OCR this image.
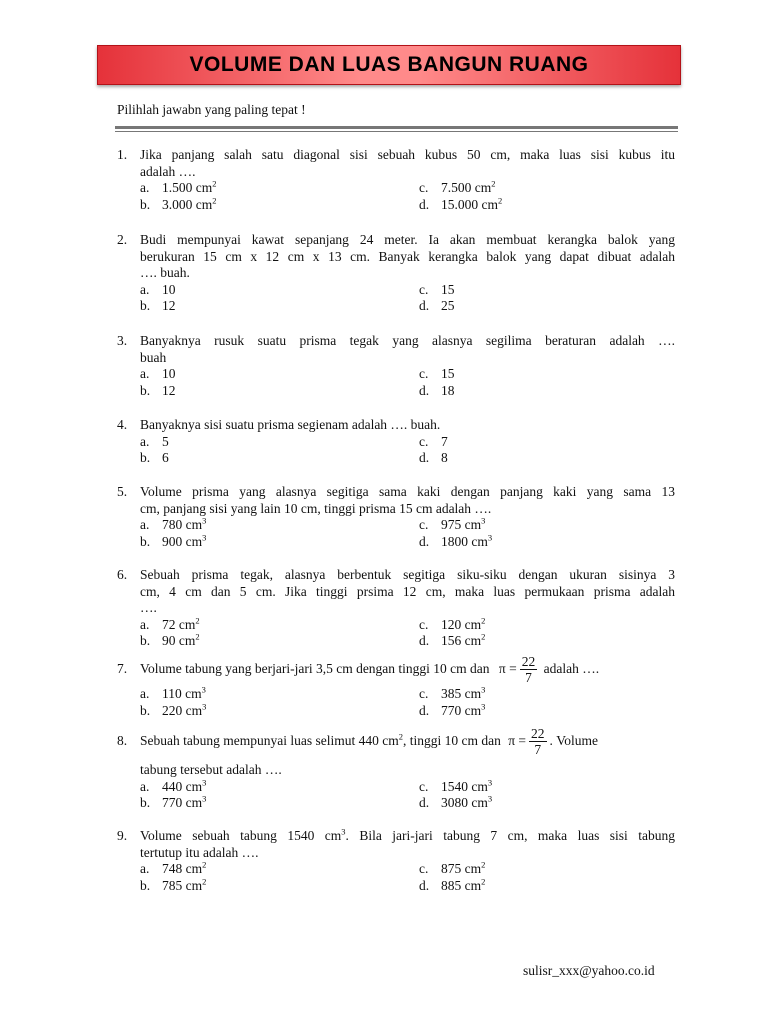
VOLUME DAN LUAS BANGUN RUANG
Pilihlah jawabn yang paling tepat !
1. Jika panjang salah satu diagonal sisi sebuah kubus 50 cm, maka luas sisi kubus itu
adalah ….
a. 1.500 $cm^2$	c. 7.500 $cm^2$
b. 3.000 $cm^2$	d. 15.000 $cm^2$
2. Budi mempunyai kawat sepanjang 24 meter. Ia akan membuat kerangka balok yang
berukuran 15 cm x 12 cm x 13 cm. Banyak kerangka balok yang dapat dibuat adalah
…. buah.
a. 10	c. 15
b. 12	d. 25
3. Banyaknya rusuk suatu prisma tegak yang alasnya segilima beraturan adalah ….
buah
a. 10	c. 15
b. 12	d. 18
4. Banyaknya sisi suatu prisma segienam adalah …. buah.
a. 5	c. 7
b. 6	d. 8
5. Volume prisma yang alasnya segitiga sama kaki dengan panjang kaki yang sama 13
cm, panjang sisi yang lain 10 cm, tinggi prisma 15 cm adalah ….
a. 780 $cm^3$	c. 975 $cm^3$
b. 900 $cm^3$	d. 1800 $cm^3$
6. Sebuah prisma tegak, alasnya berbentuk segitiga siku-siku dengan ukuran sisinya 3
cm, 4 cm dan 5 cm. Jika tinggi prsima 12 cm, maka luas permukaan prisma adalah
….
a. 72 $cm^2$	c. 120 $cm^2$
b. 90 $cm^2$	d. 156 $cm^2$
7. Volume tabung yang berjari-jari 3,5 cm dengan tinggi 10 cm dan $\pi = \frac{22}{7}$ adalah ….
a. 110 $cm^3$	c. 385 $cm^3$
b. 220 $cm^3$	d. 770 $cm^3$
8. Sebuah tabung mempunyai luas selimut 440 $cm^2$, tinggi 10 cm dan $\pi = \frac{22}{7}$ . Volume
tabung tersebut adalah ….
a. 440 $cm^3$	c. 1540 $cm^3$
b. 770 $cm^3$	d. 3080 $cm^3$
9. Volume sebuah tabung 1540 $cm^3$. Bila jari-jari tabung 7 cm, maka luas sisi tabung
tertutup itu adalah ….
a. 748 $cm^2$	c. 875 $cm^2$
b. 785 $cm^2$	d. 885 $cm^2$
sulisr_xxx@yahoo.co.id
